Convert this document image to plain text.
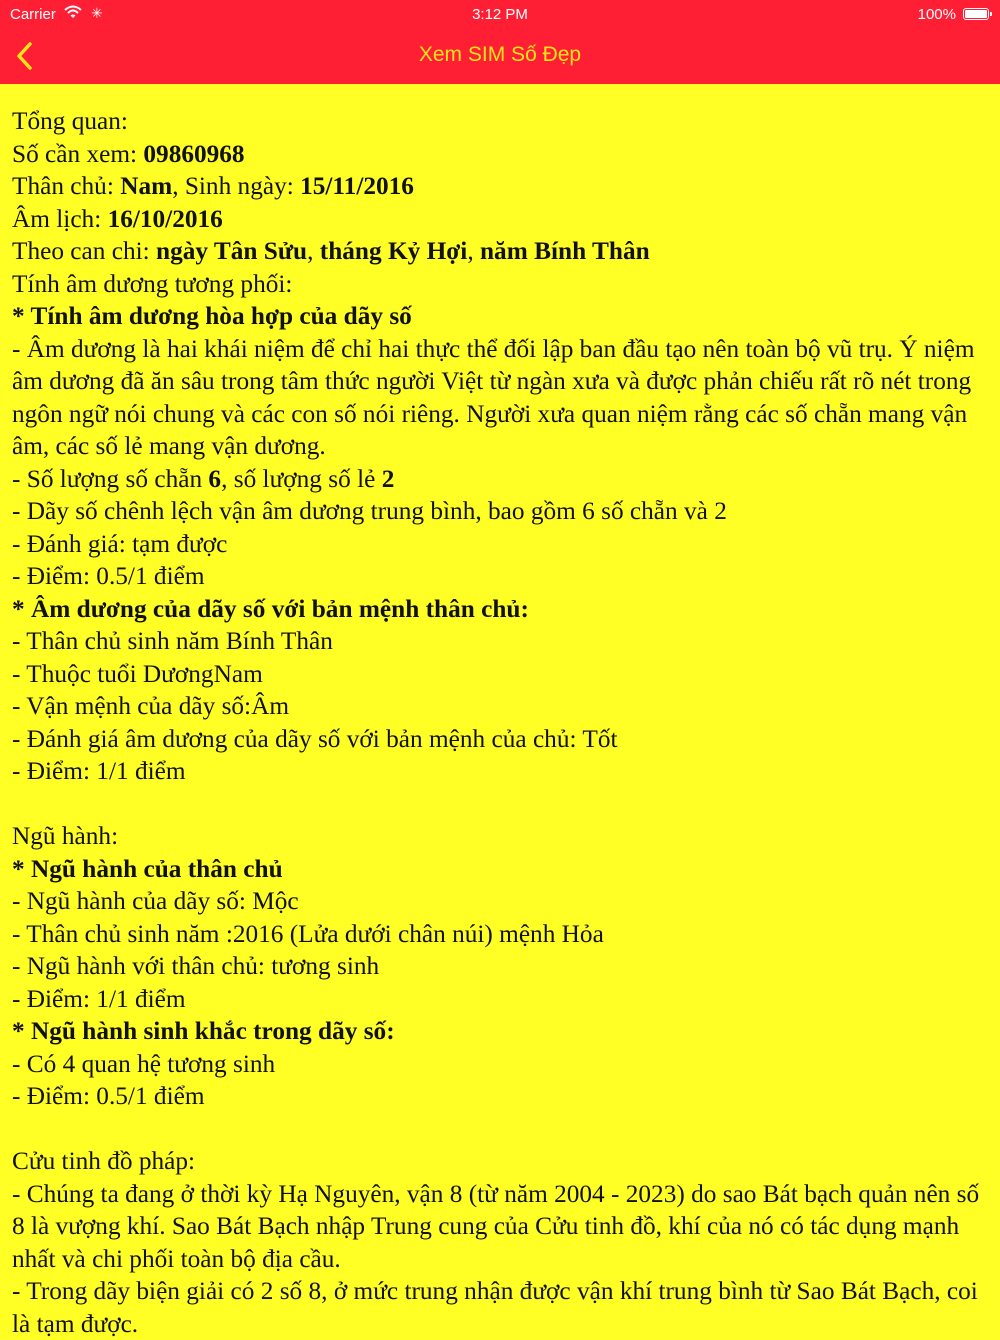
Carrier	✳	3:12 PM	100%
Xem SIM Số Đẹp

Tổng quan:

Số cần xem: 09860968

Thân chủ: Nam, Sinh ngày: 15/11/2016

Âm lịch: 16/10/2016

Theo can chi: ngày Tân Sửu, tháng Kỷ Hợi, năm Bính Thân

Tính âm dương tương phối:

* Tính âm dương hòa hợp của dãy số

- Âm dương là hai khái niệm để chỉ hai thực thể đối lập ban đầu tạo nên toàn bộ vũ trụ. Ý niệm âm dương đã ăn sâu trong tâm thức người Việt từ ngàn xưa và được phản chiếu rất rõ nét trong ngôn ngữ nói chung và các con số nói riêng. Người xưa quan niệm rằng các số chẵn mang vận âm, các số lẻ mang vận dương.

- Số lượng số chẵn 6, số lượng số lẻ 2

- Dãy số chênh lệch vận âm dương trung bình, bao gồm 6 số chẵn và 2

- Đánh giá: tạm được

- Điểm: 0.5/1 điểm

* Âm dương của dãy số với bản mệnh thân chủ:

- Thân chủ sinh năm Bính Thân

- Thuộc tuổi DươngNam

- Vận mệnh của dãy số:Âm

- Đánh giá âm dương của dãy số với bản mệnh của chủ: Tốt

- Điểm: 1/1 điểm

Ngũ hành:

* Ngũ hành của thân chủ

- Ngũ hành của dãy số: Mộc

- Thân chủ sinh năm :2016 (Lửa dưới chân núi) mệnh Hỏa

- Ngũ hành với thân chủ: tương sinh

- Điểm: 1/1 điểm

* Ngũ hành sinh khắc trong dãy số:

- Có 4 quan hệ tương sinh

- Điểm: 0.5/1 điểm

Cửu tinh đồ pháp:

- Chúng ta đang ở thời kỳ Hạ Nguyên, vận 8 (từ năm 2004 - 2023) do sao Bát bạch quản nên số 8 là vượng khí. Sao Bát Bạch nhập Trung cung của Cửu tinh đồ, khí của nó có tác dụng mạnh nhất và chi phối toàn bộ địa cầu.

- Trong dãy biện giải có 2 số 8, ở mức trung nhận được vận khí trung bình từ Sao Bát Bạch, coi là tạm được.
